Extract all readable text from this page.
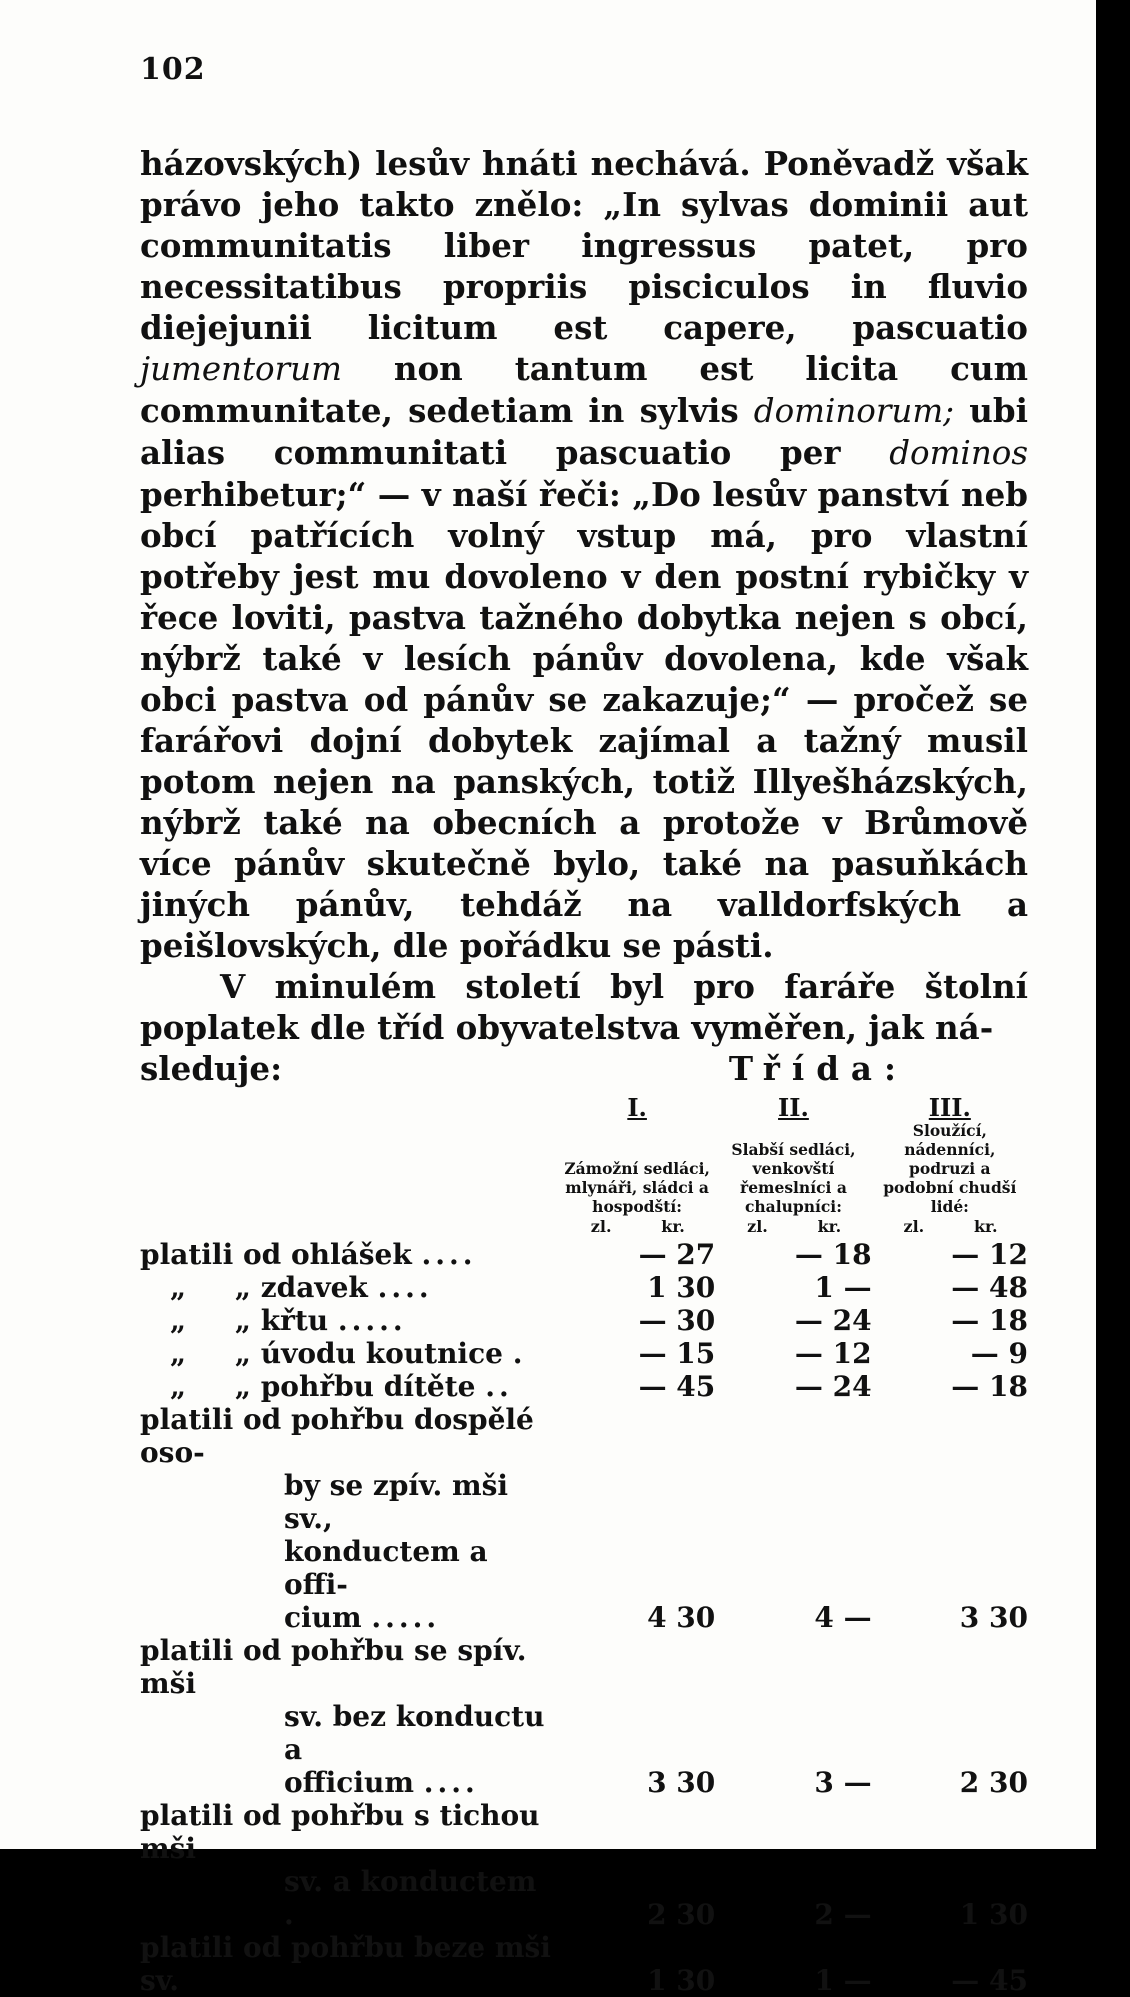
102

házovských) lesův hnáti nechává. Poněvadž však právo jeho takto znělo: „In sylvas dominii aut communitatis liber ingressus patet, pro necessitatibus propriis pisciculos in fluvio diejejunii licitum est capere, pascuatio jumentorum non tantum est licita cum communitate, sedetiam in sylvis dominorum; ubi alias communitati pascuatio per dominos perhibetur;“ — v naší řeči: „Do lesův panství neb obcí patřících volný vstup má, pro vlastní potřeby jest mu dovoleno v den postní rybičky v řece loviti, pastva tažného dobytka nejen s obcí, nýbrž také v lesích pánův dovolena, kde však obci pastva od pánův se zakazuje;“ — pročež se farářovi dojní dobytek zajímal a tažný musil potom nejen na panských, totiž Illyešházských, nýbrž také na obecních a protože v Brůmově více pánův skutečně bylo, také na pasuňkách jiných pánův, tehdáž na valldorfských a peišlovských, dle pořádku se pásti.

V minulém století byl pro faráře štolní poplatek dle tříd obyvatelstva vyměřen, jak ná-

sleduje:	Třída:
	I.	II.	III.
	Zámožní sedláci, mlynáři, sládci a hospodští:	Slabší sedláci, venkovští řemeslníci a chalupníci:	Sloužící, nádenníci, podruzi a podobní chudší lidé:
	zl. kr.	zl. kr.	zl. kr.
platili od ohlášek ....	— 27	— 18	— 12
„ „ zdavek ....	1 30	1 —	— 48
„ „ křtu .....	— 30	— 24	— 18
„ „ úvodu koutnice .	— 15	— 12	— 9
„ „ pohřbu dítěte ..	— 45	— 24	— 18
platili od pohřbu dospělé oso-
by se zpív. mši sv.,
konductem a offi-
cium .....	4 30	4 —	3 30
platili od pohřbu se spív. mši
sv. bez konductu a
officium ....	3 30	3 —	2 30
platili od pohřbu s tichou mši
sv. a konductem .	2 30	2 —	1 30
platili od pohřbu beze mši sv.	1 30	1 —	— 45
